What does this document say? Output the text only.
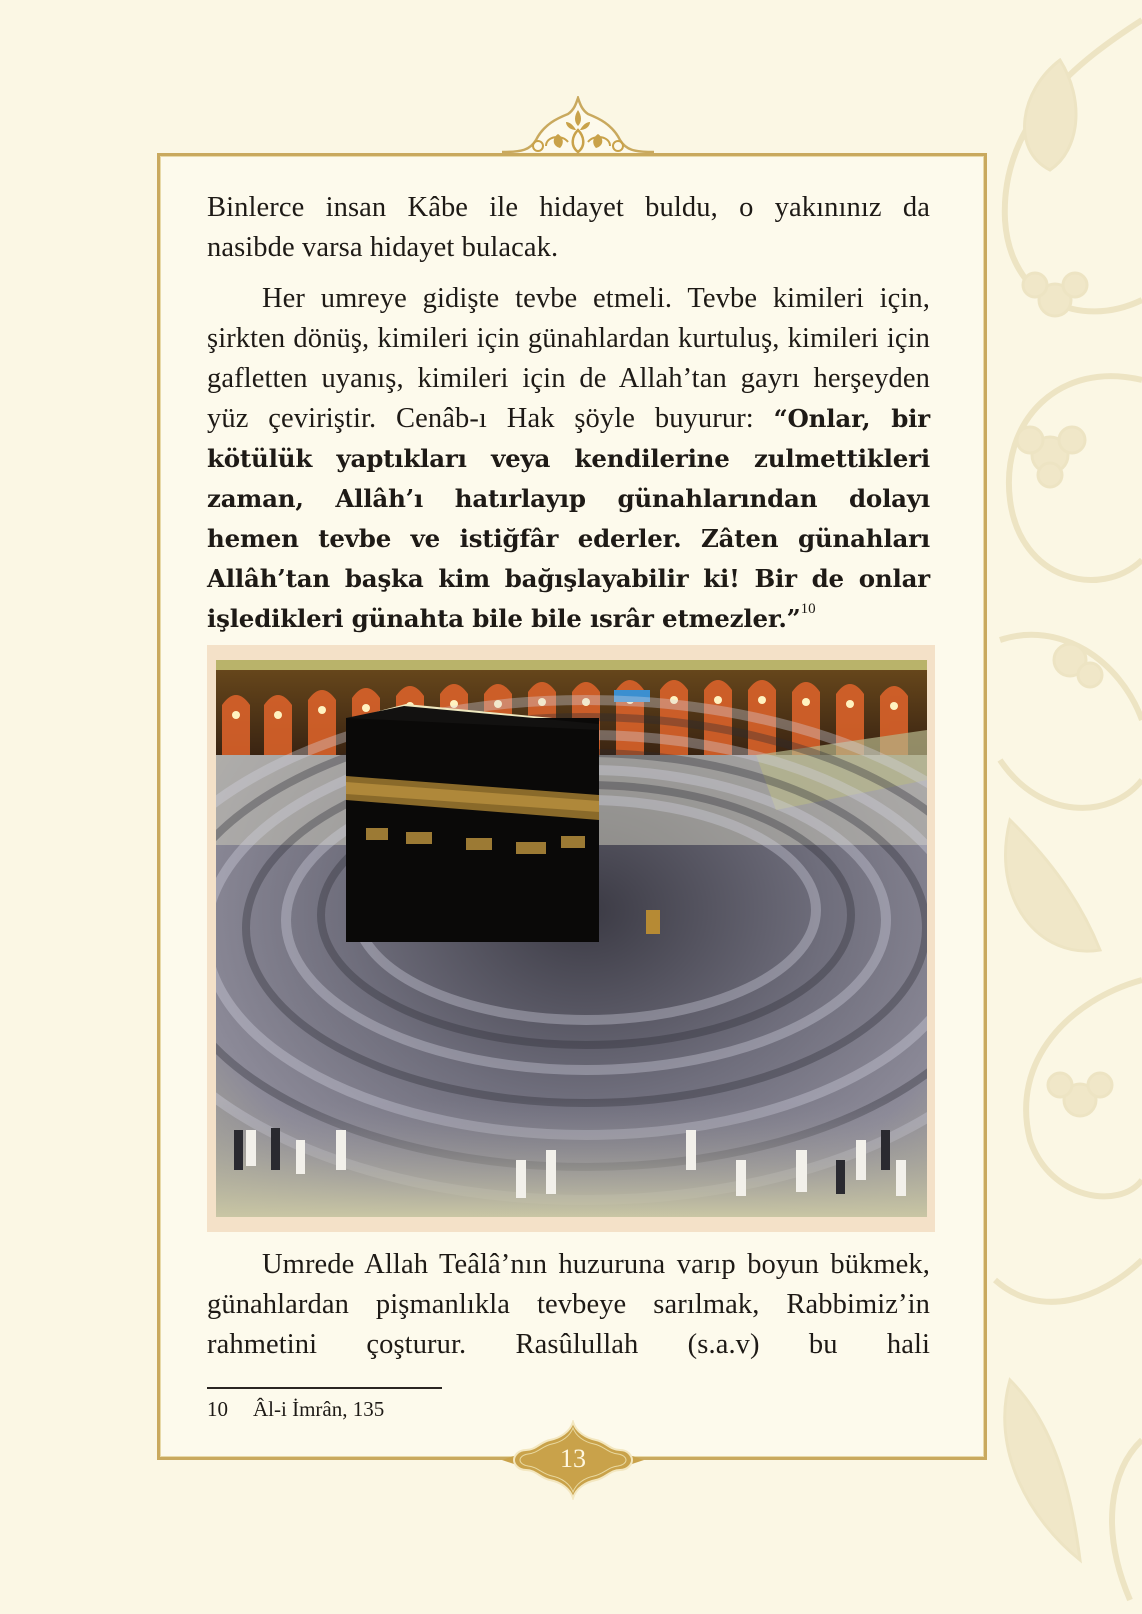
Binlerce insan Kâbe ile hidayet buldu, o yakınınız da

nasibde varsa hidayet bulacak.

Her umreye gidişte tevbe etmeli. Tevbe kimileri için, şirkten dönüş, kimileri için günahlardan kurtuluş, kimileri için gafletten uyanış, kimileri için de Allah’tan gayrı herşeyden yüz çeviriştir. Cenâb-ı Hak şöyle buyurur: “Onlar, bir kötülük yaptıkları veya kendilerine zulmettikleri zaman, Allâh’ı hatırlayıp günahlarından dolayı hemen tevbe ve istiğfâr ederler. Zâten günahları Allâh’tan başka kim bağışlayabilir ki! Bir de onlar işledikleri günahta bile bile ısrâr etmezler.”$^{10}$

Umrede Allah Teâlâ’nın huzuruna varıp boyun bükmek, günahlardan pişmanlıkla tevbeye sarılmak, Rabbimiz’in rahmetini çoşturur. Rasûlullah (s.a.v) bu hali

10 Âl-i İmrân, 135
13
